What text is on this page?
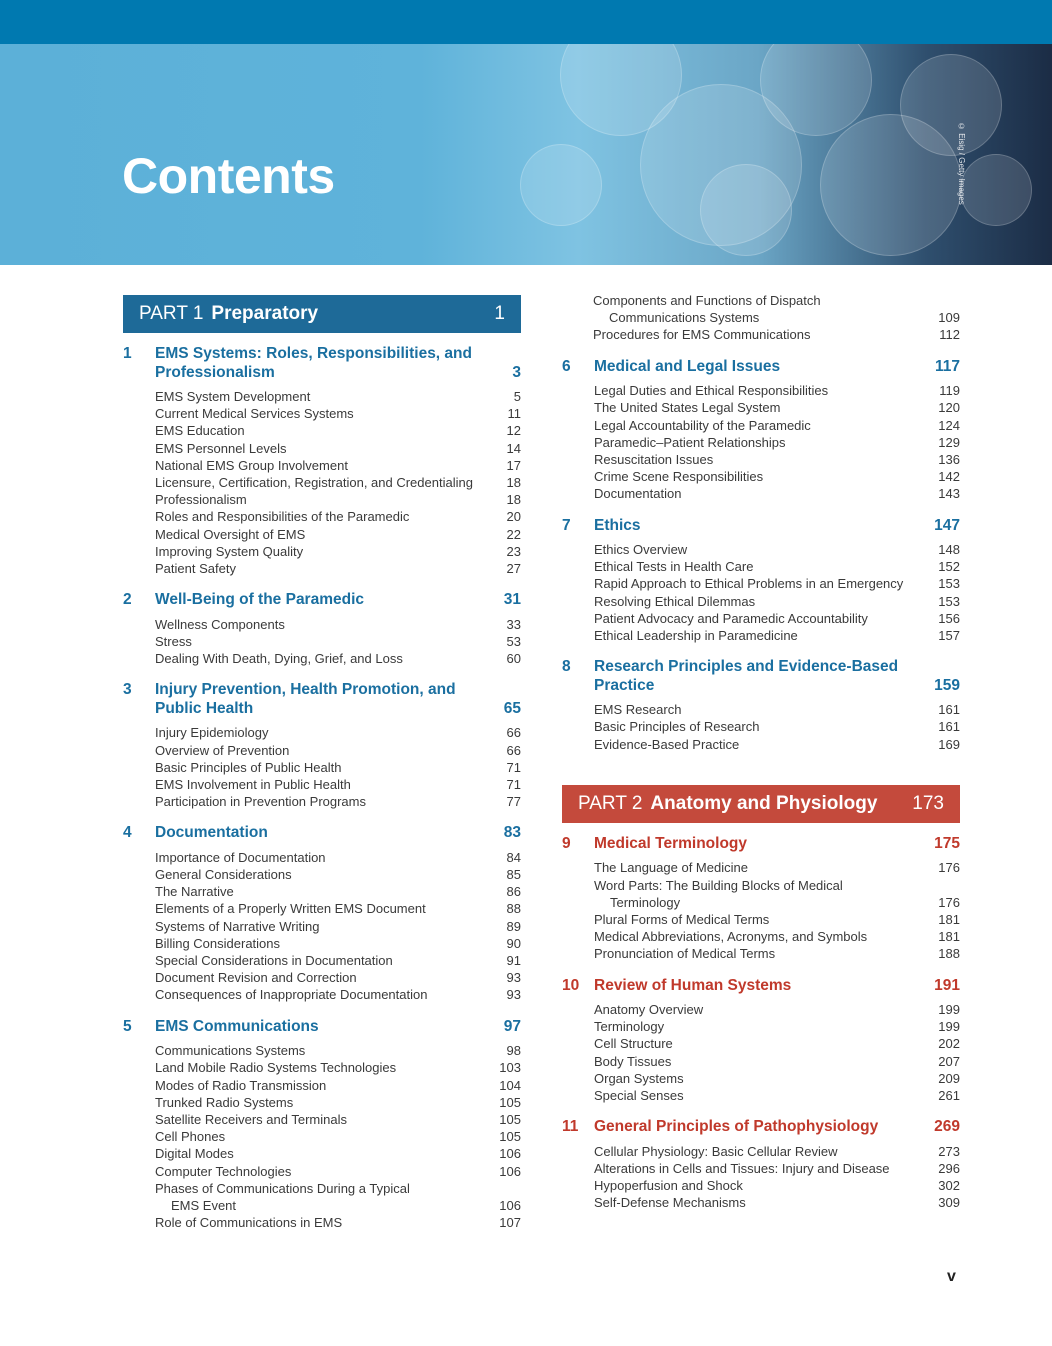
Contents	© Eisig / Getty Images
PART 1 Preparatory	1
1	EMS Systems: Roles, Responsibilities, and Professionalism	3
EMS System Development	5
Current Medical Services Systems	11
EMS Education	12
EMS Personnel Levels	14
National EMS Group Involvement	17
Licensure, Certification, Registration, and Credentialing	18
Professionalism	18
Roles and Responsibilities of the Paramedic	20
Medical Oversight of EMS	22
Improving System Quality	23
Patient Safety	27
2	Well-Being of the Paramedic	31
Wellness Components	33
Stress	53
Dealing With Death, Dying, Grief, and Loss	60
3	Injury Prevention, Health Promotion, and Public Health	65
Injury Epidemiology	66
Overview of Prevention	66
Basic Principles of Public Health	71
EMS Involvement in Public Health	71
Participation in Prevention Programs	77
4	Documentation	83
Importance of Documentation	84
General Considerations	85
The Narrative	86
Elements of a Properly Written EMS Document	88
Systems of Narrative Writing	89
Billing Considerations	90
Special Considerations in Documentation	91
Document Revision and Correction	93
Consequences of Inappropriate Documentation	93
5	EMS Communications	97
Communications Systems	98
Land Mobile Radio Systems Technologies	103
Modes of Radio Transmission	104
Trunked Radio Systems	105
Satellite Receivers and Terminals	105
Cell Phones	105
Digital Modes	106
Computer Technologies	106
Phases of Communications During a Typical
EMS Event	106
Role of Communications in EMS	107
Components and Functions of Dispatch
Communications Systems	109
Procedures for EMS Communications	112
6	Medical and Legal Issues	117
Legal Duties and Ethical Responsibilities	119
The United States Legal System	120
Legal Accountability of the Paramedic	124
Paramedic–Patient Relationships	129
Resuscitation Issues	136
Crime Scene Responsibilities	142
Documentation	143
7	Ethics	147
Ethics Overview	148
Ethical Tests in Health Care	152
Rapid Approach to Ethical Problems in an Emergency	153
Resolving Ethical Dilemmas	153
Patient Advocacy and Paramedic Accountability	156
Ethical Leadership in Paramedicine	157
8	Research Principles and Evidence-Based Practice	159
EMS Research	161
Basic Principles of Research	161
Evidence-Based Practice	169
PART 2 Anatomy and Physiology 173
9	Medical Terminology	175
The Language of Medicine	176
Word Parts: The Building Blocks of Medical
Terminology	176
Plural Forms of Medical Terms	181
Medical Abbreviations, Acronyms, and Symbols	181
Pronunciation of Medical Terms	188
10 Review of Human Systems	191
Anatomy Overview	199
Terminology	199
Cell Structure	202
Body Tissues	207
Organ Systems	209
Special Senses	261
11	General Principles of Pathophysiology	269
Cellular Physiology: Basic Cellular Review	273
Alterations in Cells and Tissues: Injury and Disease	296
Hypoperfusion and Shock	302
Self-Defense Mechanisms	309
v
